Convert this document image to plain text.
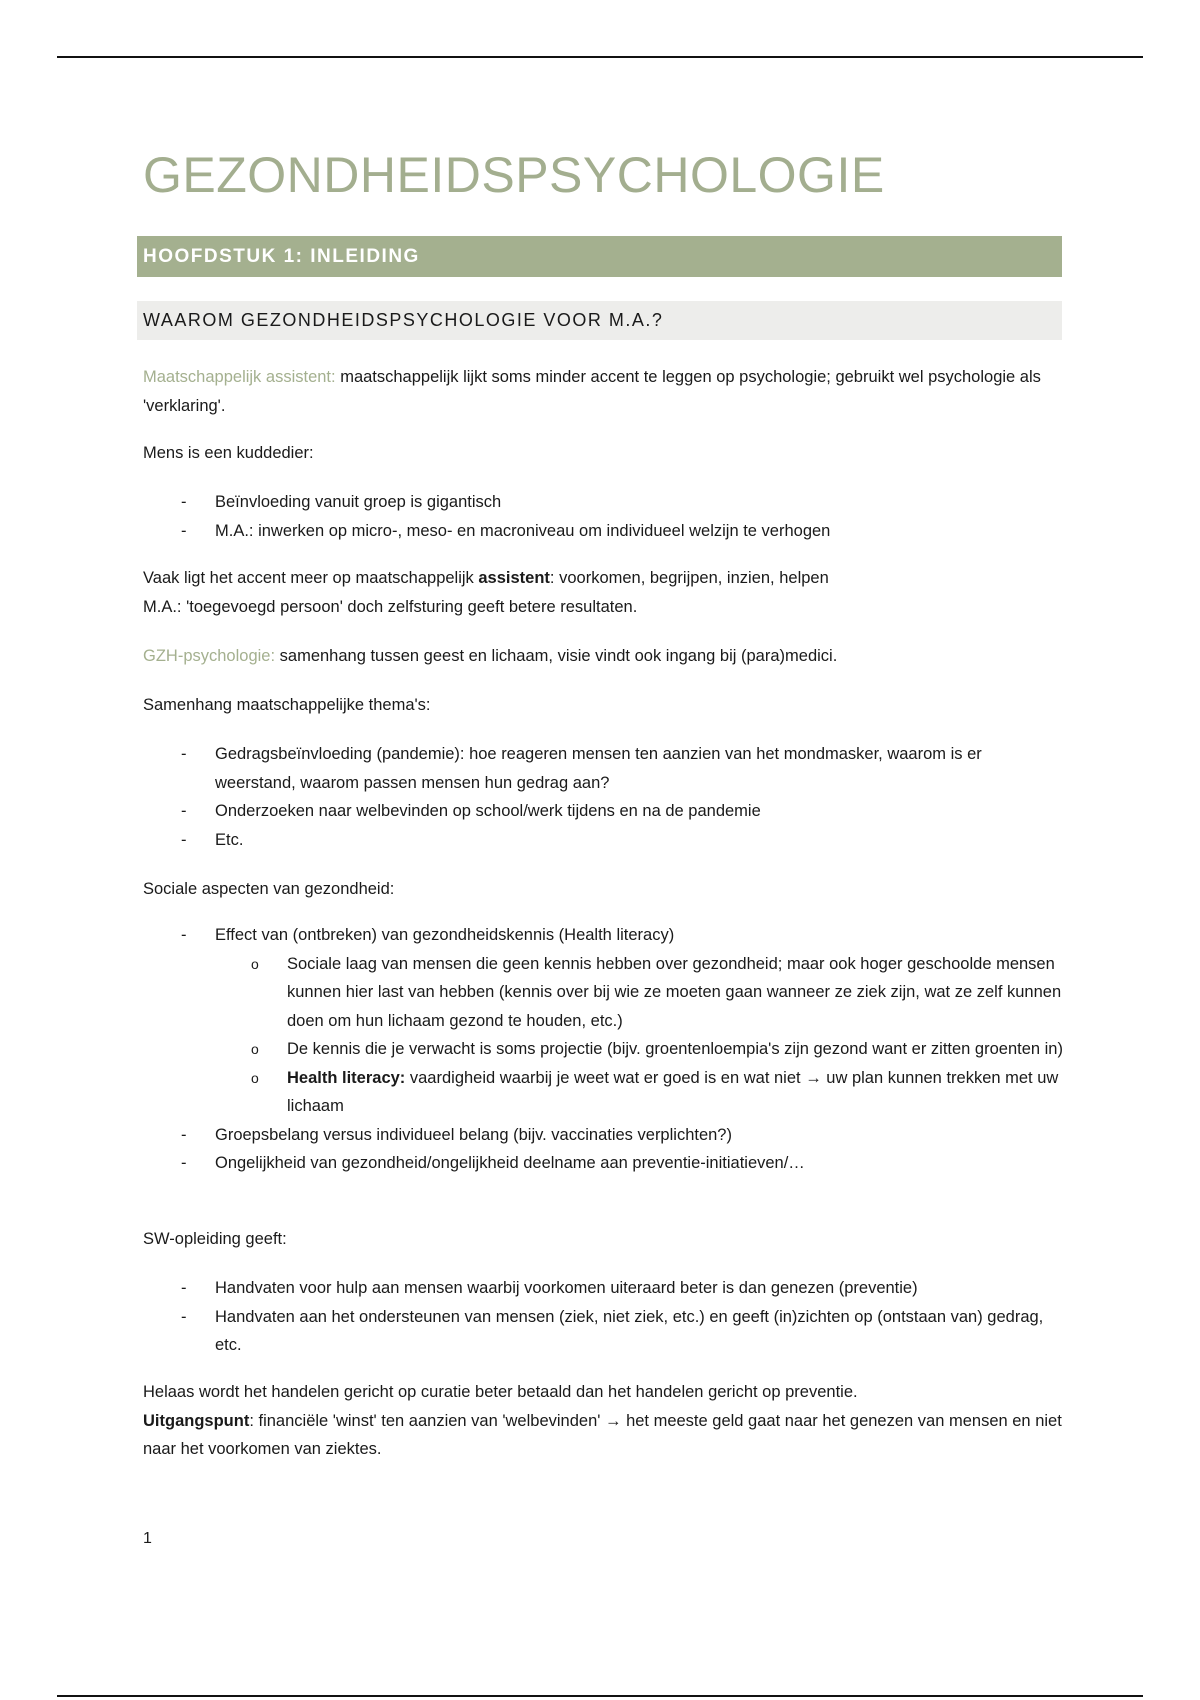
GEZONDHEIDSPSYCHOLOGIE
HOOFDSTUK 1: INLEIDING
WAAROM GEZONDHEIDSPSYCHOLOGIE VOOR M.A.?

Maatschappelijk assistent: maatschappelijk lijkt soms minder accent te leggen op psychologie; gebruikt wel psychologie als 'verklaring'.

Mens is een kuddedier:

- Beïnvloeding vanuit groep is gigantisch
- M.A.: inwerken op micro-, meso- en macroniveau om individueel welzijn te verhogen

Vaak ligt het accent meer op maatschappelijk assistent: voorkomen, begrijpen, inzien, helpen
M.A.: 'toegevoegd persoon' doch zelfsturing geeft betere resultaten.

GZH-psychologie: samenhang tussen geest en lichaam, visie vindt ook ingang bij (para)medici.

Samenhang maatschappelijke thema's:

- Gedragsbeïnvloeding (pandemie): hoe reageren mensen ten aanzien van het mondmasker, waarom is er weerstand, waarom passen mensen hun gedrag aan?
- Onderzoeken naar welbevinden op school/werk tijdens en na de pandemie
- Etc.

Sociale aspecten van gezondheid:

- Effect van (ontbreken) van gezondheidskennis (Health literacy)
o Sociale laag van mensen die geen kennis hebben over gezondheid; maar ook hoger geschoolde mensen kunnen hier last van hebben (kennis over bij wie ze moeten gaan wanneer ze ziek zijn, wat ze zelf kunnen doen om hun lichaam gezond te houden, etc.)
o De kennis die je verwacht is soms projectie (bijv. groentenloempia's zijn gezond want er zitten groenten in)
o Health literacy: vaardigheid waarbij je weet wat er goed is en wat niet → uw plan kunnen trekken met uw lichaam
- Groepsbelang versus individueel belang (bijv. vaccinaties verplichten?)
- Ongelijkheid van gezondheid/ongelijkheid deelname aan preventie-initiatieven/…

SW-opleiding geeft:

- Handvaten voor hulp aan mensen waarbij voorkomen uiteraard beter is dan genezen (preventie)
- Handvaten aan het ondersteunen van mensen (ziek, niet ziek, etc.) en geeft (in)zichten op (ontstaan van) gedrag, etc.

Helaas wordt het handelen gericht op curatie beter betaald dan het handelen gericht op preventie.
Uitgangspunt: financiële 'winst' ten aanzien van 'welbevinden' → het meeste geld gaat naar het genezen van mensen en niet naar het voorkomen van ziektes.

1
